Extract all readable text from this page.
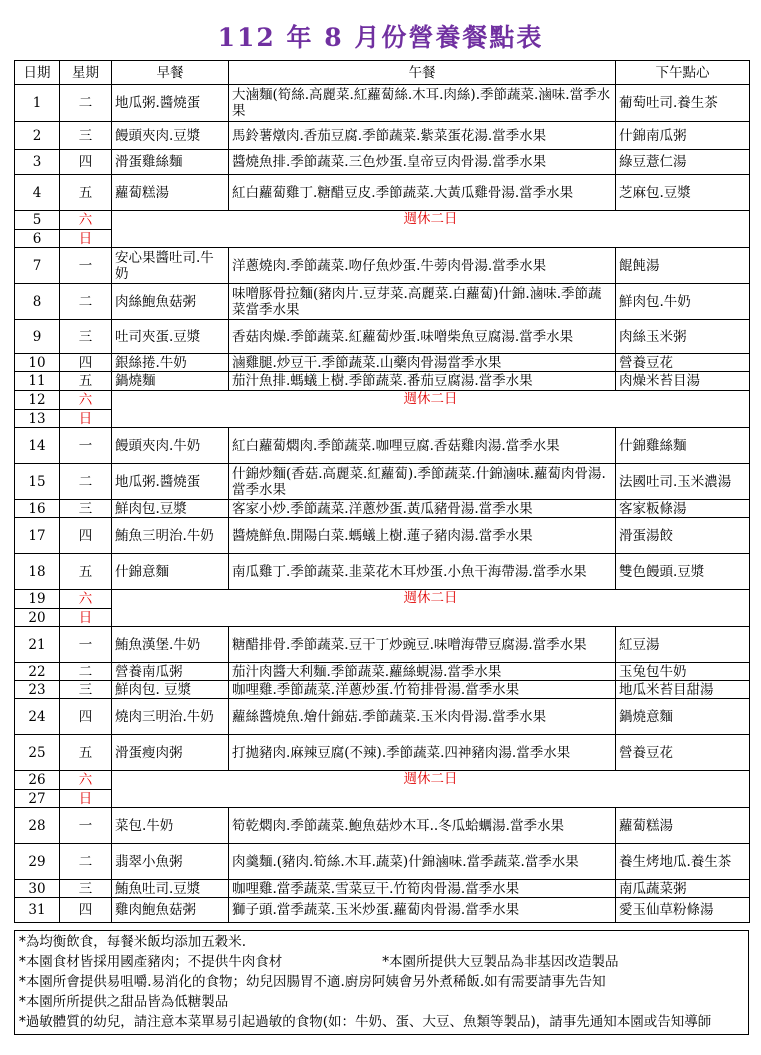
112 年 8 月份營養餐點表
日期	星期	早餐	午餐	下午點心
1	二	地瓜粥.醬燒蛋	大滷麵(筍絲.高麗菜.紅蘿蔔絲.木耳.肉絲).季節蔬菜.滷味.當季水果	葡萄吐司.養生茶
2	三	饅頭夾肉.豆漿	馬鈴薯燉肉.香茄豆腐.季節蔬菜.紫菜蛋花湯.當季水果	什錦南瓜粥
3	四	滑蛋雞絲麵	醬燒魚排.季節蔬菜.三色炒蛋.皇帝豆肉骨湯.當季水果	綠豆薏仁湯
4	五	蘿蔔糕湯	紅白蘿蔔雞丁.糖醋豆皮.季節蔬菜.大黃瓜雞骨湯.當季水果	芝麻包.豆漿
5	六	週休二日		
6	日			
7	一	安心果醬吐司.牛奶	洋蔥燒肉.季節蔬菜.吻仔魚炒蛋.牛蒡肉骨湯.當季水果	餛飩湯
8	二	肉絲鮑魚菇粥	味噌豚骨拉麵(豬肉片.豆芽菜.高麗菜.白蘿蔔)什錦.滷味.季節蔬菜當季水果	鮮肉包.牛奶
9	三	吐司夾蛋.豆漿	香菇肉燥.季節蔬菜.紅蘿蔔炒蛋.味噌柴魚豆腐湯.當季水果	肉絲玉米粥
10	四	銀絲捲.牛奶	滷雞腿.炒豆干.季節蔬菜.山藥肉骨湯當季水果	營養豆花
11	五	鍋燒麵	茄汁魚排.螞蟻上樹.季節蔬菜.番茄豆腐湯.當季水果	肉燥米苔目湯
12	六	週休二日		
13	日			
14	一	饅頭夾肉.牛奶	紅白蘿蔔燜肉.季節蔬菜.咖哩豆腐.香菇雞肉湯.當季水果	什錦雞絲麵
15	二	地瓜粥.醬燒蛋	什錦炒麵(香菇.高麗菜.紅蘿蔔).季節蔬菜.什錦滷味.蘿蔔肉骨湯.當季水果	法國吐司.玉米濃湯
16	三	鮮肉包.豆漿	客家小炒.季節蔬菜.洋蔥炒蛋.黃瓜豬骨湯.當季水果	客家粄條湯
17	四	鮪魚三明治.牛奶	醬燒鮮魚.開陽白菜.螞蟻上樹.蓮子豬肉湯.當季水果	滑蛋湯餃
18	五	什錦意麵	南瓜雞丁.季節蔬菜.韭菜花木耳炒蛋.小魚干海帶湯.當季水果	雙色饅頭.豆漿
19	六	週休二日		
20	日			
21	一	鮪魚漢堡.牛奶	糖醋排骨.季節蔬菜.豆干丁炒豌豆.味噌海帶豆腐湯.當季水果	紅豆湯
22	二	營養南瓜粥	茄汁肉醬大利麵.季節蔬菜.蘿絲蜆湯.當季水果	玉兔包牛奶
23	三	鮮肉包. 豆漿	咖哩雞.季節蔬菜.洋蔥炒蛋.竹筍排骨湯.當季水果	地瓜米苔目甜湯
24	四	燒肉三明治.牛奶	蘿絲醬燒魚.燴什錦菇.季節蔬菜.玉米肉骨湯.當季水果	鍋燒意麵
25	五	滑蛋瘦肉粥	打拋豬肉.麻辣豆腐(不辣).季節蔬菜.四神豬肉湯.當季水果	營養豆花
26	六	週休二日		
27	日			
28	一	菜包.牛奶	筍乾燜肉.季節蔬菜.鮑魚菇炒木耳..冬瓜蛤蠣湯.當季水果	蘿蔔糕湯
29	二	翡翠小魚粥	肉羹麵.(豬肉.筍絲.木耳.蔬菜)什錦滷味.當季蔬菜.當季水果	養生烤地瓜.養生茶
30	三	鮪魚吐司.豆漿	咖哩雞.當季蔬菜.雪菜豆干.竹筍肉骨湯.當季水果	南瓜蔬菜粥
31	四	雞肉鮑魚菇粥	獅子頭.當季蔬菜.玉米炒蛋.蘿蔔肉骨湯.當季水果	愛玉仙草粉條湯
*為均衡飲食，每餐米飯均添加五穀米.
*本園食材皆採用國產豬肉；不提供牛肉食材	*本園所提供大豆製品為非基因改造製品
*本園所會提供易咀嚼.易消化的食物；幼兒因腸胃不適.廚房阿姨會另外煮稀飯.如有需要請事先告知
*本園所所提供之甜品皆為低糖製品
*過敏體質的幼兒，請注意本菜單易引起過敏的食物(如：牛奶、蛋、大豆、魚類等製品)，請事先通知本園或告知導師
